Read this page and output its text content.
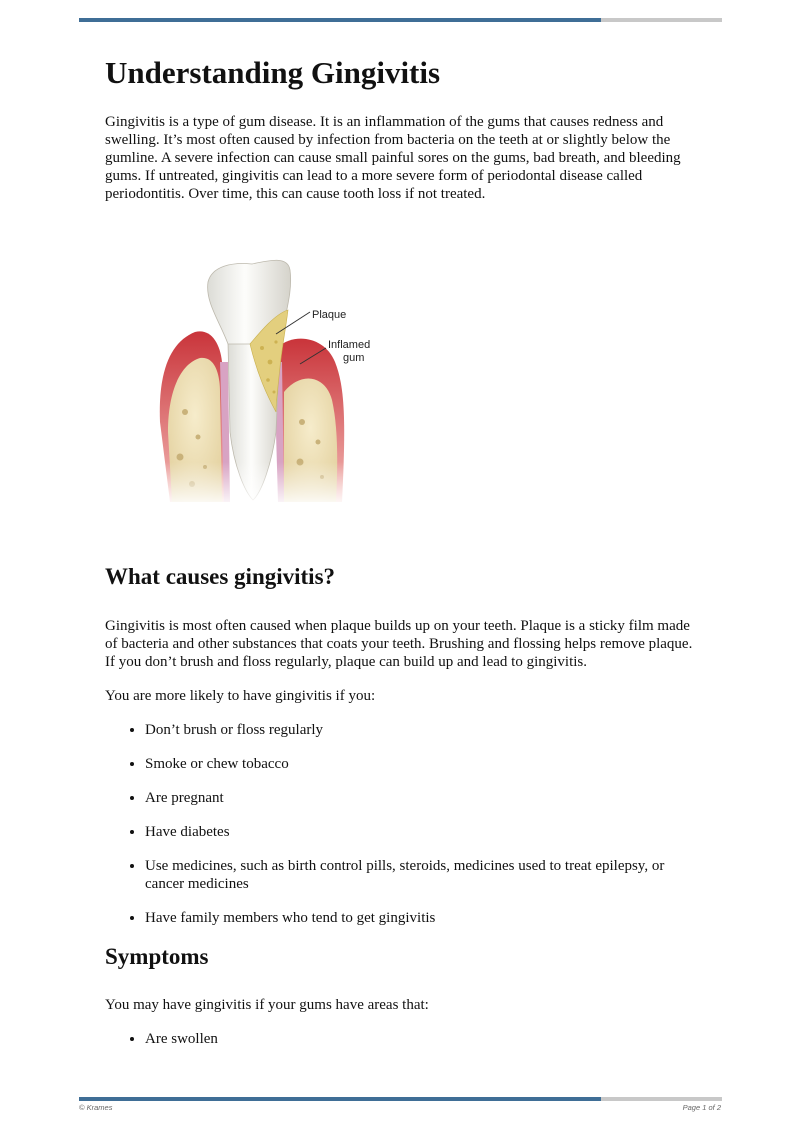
Understanding Gingivitis

Gingivitis is a type of gum disease. It is an inflammation of the gums that causes redness and swelling. It’s most often caused by infection from bacteria on the teeth at or slightly below the gumline. A severe infection can cause small painful sores on the gums, bad breath, and bleeding gums. If untreated, gingivitis can lead to a more severe form of periodontal disease called periodontitis. Over time, this can cause tooth loss if not treated.

What causes gingivitis?

Gingivitis is most often caused when plaque builds up on your teeth. Plaque is a sticky film made of bacteria and other substances that coats your teeth. Brushing and flossing helps remove plaque. If you don’t brush and floss regularly, plaque can build up and lead to gingivitis.

You are more likely to have gingivitis if you:

• Don’t brush or floss regularly
• Smoke or chew tobacco
• Are pregnant
• Have diabetes
• Use medicines, such as birth control pills, steroids, medicines used to treat epilepsy, or cancer medicines
• Have family members who tend to get gingivitis
Symptoms

You may have gingivitis if your gums have areas that:

• Are swollen
Plaque
Inflamed
gum
© Krames	Page 1 of 2
